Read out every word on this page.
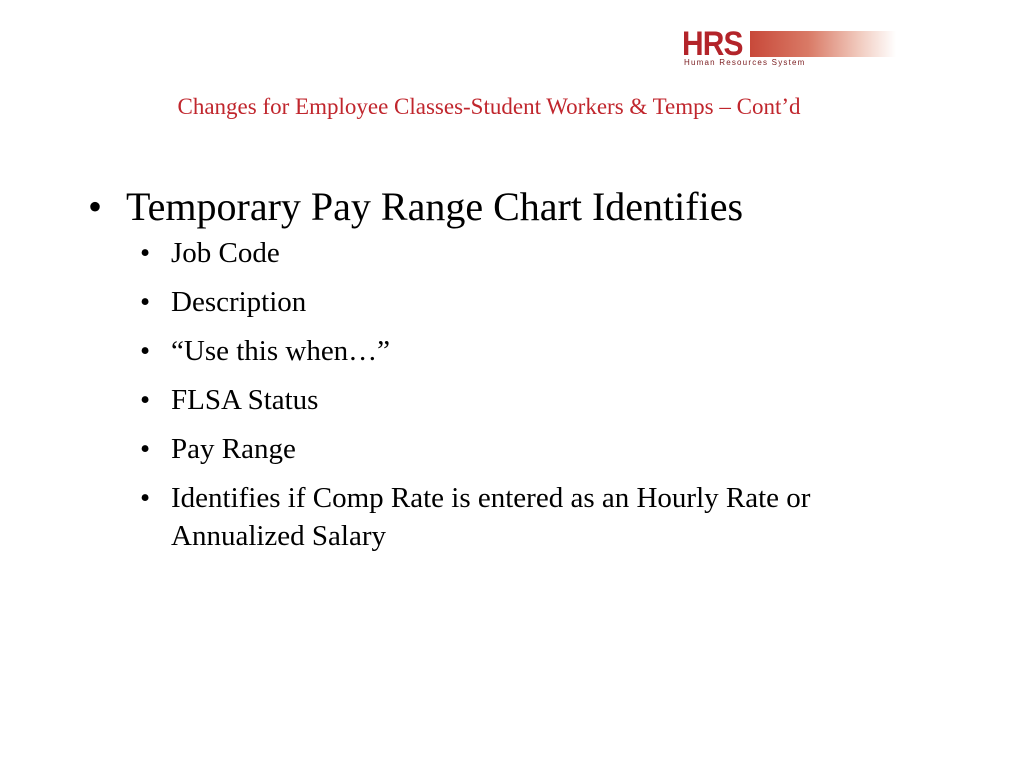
HRS
Human Resources System
Changes for Employee Classes-Student Workers & Temps – Cont’d
• Temporary Pay Range Chart Identifies
• Job Code
• Description
• “Use this when…”
• FLSA Status
• Pay Range
• Identifies if Comp Rate is entered as an Hourly Rate or Annualized Salary
